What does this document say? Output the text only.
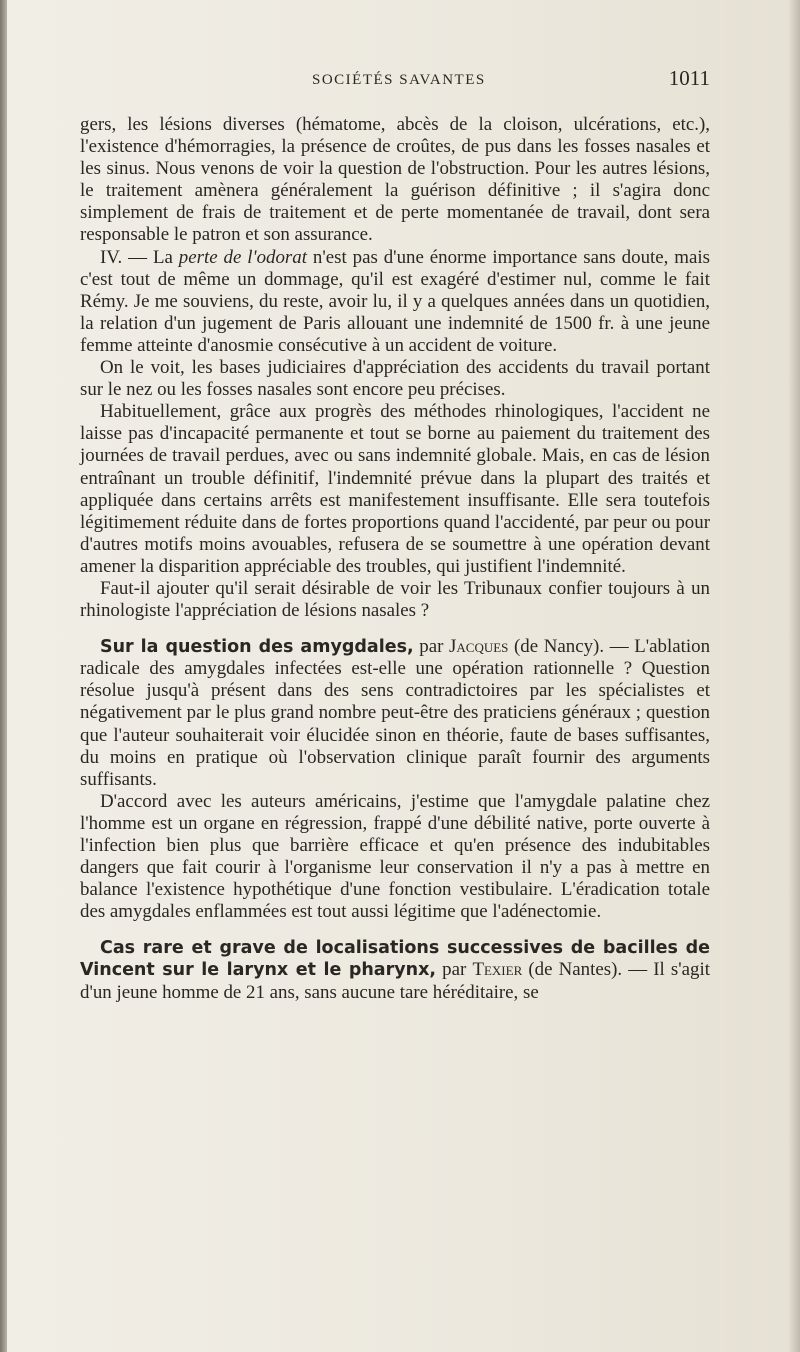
SOCIÉTÉS SAVANTES	1011

gers, les lésions diverses (hématome, abcès de la cloison, ulcérations, etc.), l'existence d'hémorragies, la présence de croûtes, de pus dans les fosses nasales et les sinus. Nous venons de voir la question de l'obstruction. Pour les autres lésions, le traitement amènera généralement la guérison définitive ; il s'agira donc simplement de frais de traitement et de perte momentanée de travail, dont sera responsable le patron et son assurance.

IV. — La perte de l'odorat n'est pas d'une énorme importance sans doute, mais c'est tout de même un dommage, qu'il est exagéré d'estimer nul, comme le fait Rémy. Je me souviens, du reste, avoir lu, il y a quelques années dans un quotidien, la relation d'un jugement de Paris allouant une indemnité de 1500 fr. à une jeune femme atteinte d'anosmie consécutive à un accident de voiture.

On le voit, les bases judiciaires d'appréciation des accidents du travail portant sur le nez ou les fosses nasales sont encore peu précises.

Habituellement, grâce aux progrès des méthodes rhinologiques, l'accident ne laisse pas d'incapacité permanente et tout se borne au paiement du traitement des journées de travail perdues, avec ou sans indemnité globale. Mais, en cas de lésion entraînant un trouble définitif, l'indemnité prévue dans la plupart des traités et appliquée dans certains arrêts est manifestement insuffisante. Elle sera toutefois légitimement réduite dans de fortes proportions quand l'accidenté, par peur ou pour d'autres motifs moins avouables, refusera de se soumettre à une opération devant amener la disparition appréciable des troubles, qui justifient l'indemnité.

Faut-il ajouter qu'il serait désirable de voir les Tribunaux confier toujours à un rhinologiste l'appréciation de lésions nasales ?

Sur la question des amygdales, par Jacques (de Nancy). — L'ablation radicale des amygdales infectées est-elle une opération rationnelle ? Question résolue jusqu'à présent dans des sens contradictoires par les spécialistes et négativement par le plus grand nombre peut-être des praticiens généraux ; question que l'auteur souhaiterait voir élucidée sinon en théorie, faute de bases suffisantes, du moins en pratique où l'observation clinique paraît fournir des arguments suffisants.

D'accord avec les auteurs américains, j'estime que l'amygdale palatine chez l'homme est un organe en régression, frappé d'une débilité native, porte ouverte à l'infection bien plus que barrière efficace et qu'en présence des indubitables dangers que fait courir à l'organisme leur conservation il n'y a pas à mettre en balance l'existence hypothétique d'une fonction vestibulaire. L'éradication totale des amygdales enflammées est tout aussi légitime que l'adénectomie.

Cas rare et grave de localisations successives de bacilles de Vincent sur le larynx et le pharynx, par Texier (de Nantes). — Il s'agit d'un jeune homme de 21 ans, sans aucune tare héréditaire, se
